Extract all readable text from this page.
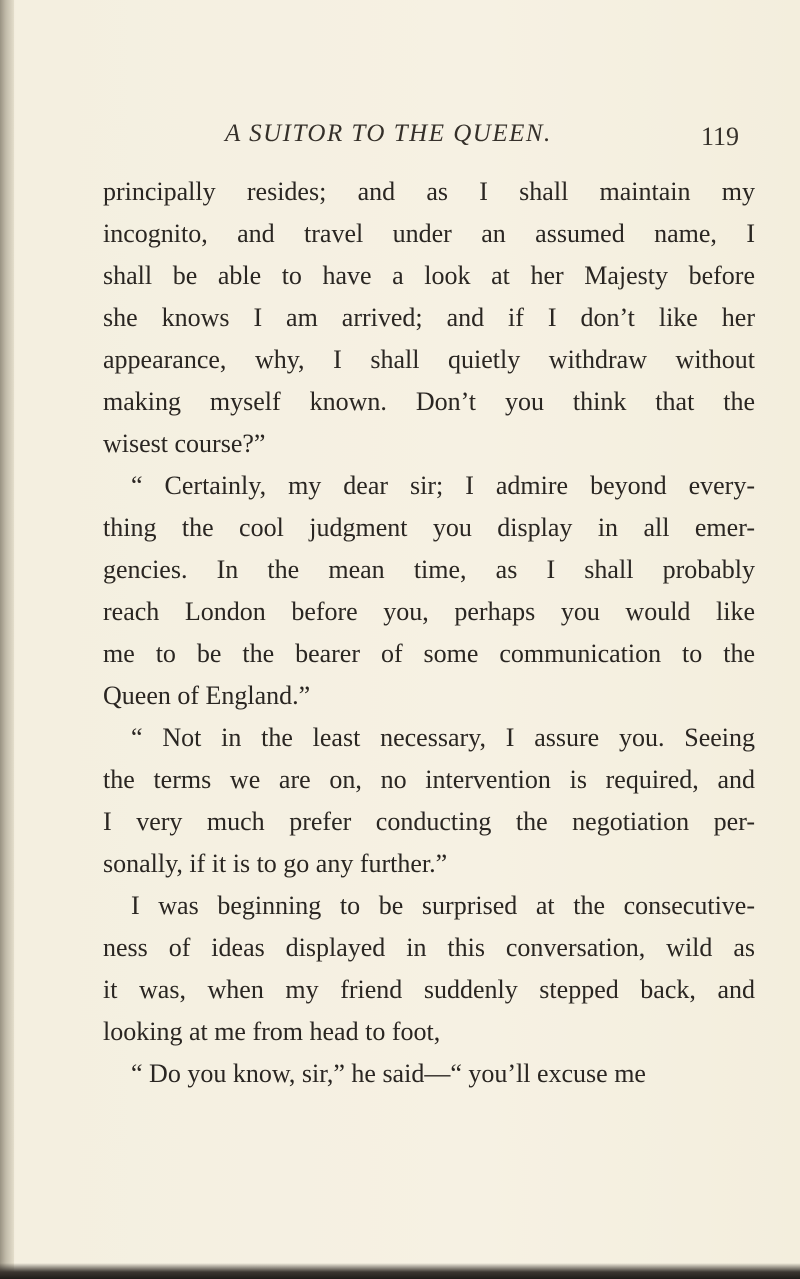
A SUITOR TO THE QUEEN.	119
principally resides; and as I shall maintain my
incognito, and travel under an assumed name, I
shall be able to have a look at her Majesty before
she knows I am arrived; and if I don’t like her
appearance, why, I shall quietly withdraw without
making myself known. Don’t you think that the
wisest course?”
“ Certainly, my dear sir; I admire beyond every-
thing the cool judgment you display in all emer-
gencies. In the mean time, as I shall probably
reach London before you, perhaps you would like
me to be the bearer of some communication to the
Queen of England.”
“ Not in the least necessary, I assure you. Seeing
the terms we are on, no intervention is required, and
I very much prefer conducting the negotiation per-
sonally, if it is to go any further.”
I was beginning to be surprised at the consecutive-
ness of ideas displayed in this conversation, wild as
it was, when my friend suddenly stepped back, and
looking at me from head to foot,
“ Do you know, sir,” he said—“ you’ll excuse me
